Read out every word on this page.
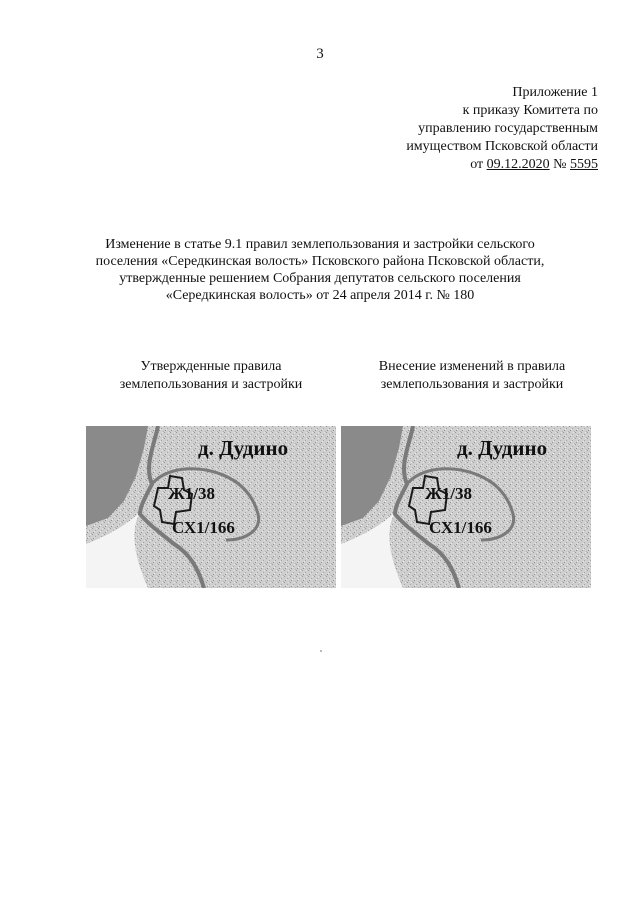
3
Приложение 1
к приказу Комитета по
управлению государственным
имуществом Псковской области
от 09.12.2020 № 5595
Изменение в статье 9.1 правил землепользования и застройки сельского
поселения «Середкинская волость» Псковского района Псковской области,
утвержденные решением Собрания депутатов сельского поселения
«Середкинская волость» от 24 апреля 2014 г. № 180
Утвержденные правила
землепользования и застройки
Внесение изменений в правила
землепользования и застройки
д. Дудино
Ж1/38
СХ1/166
д. Дудино
Ж1/38
СХ1/166
